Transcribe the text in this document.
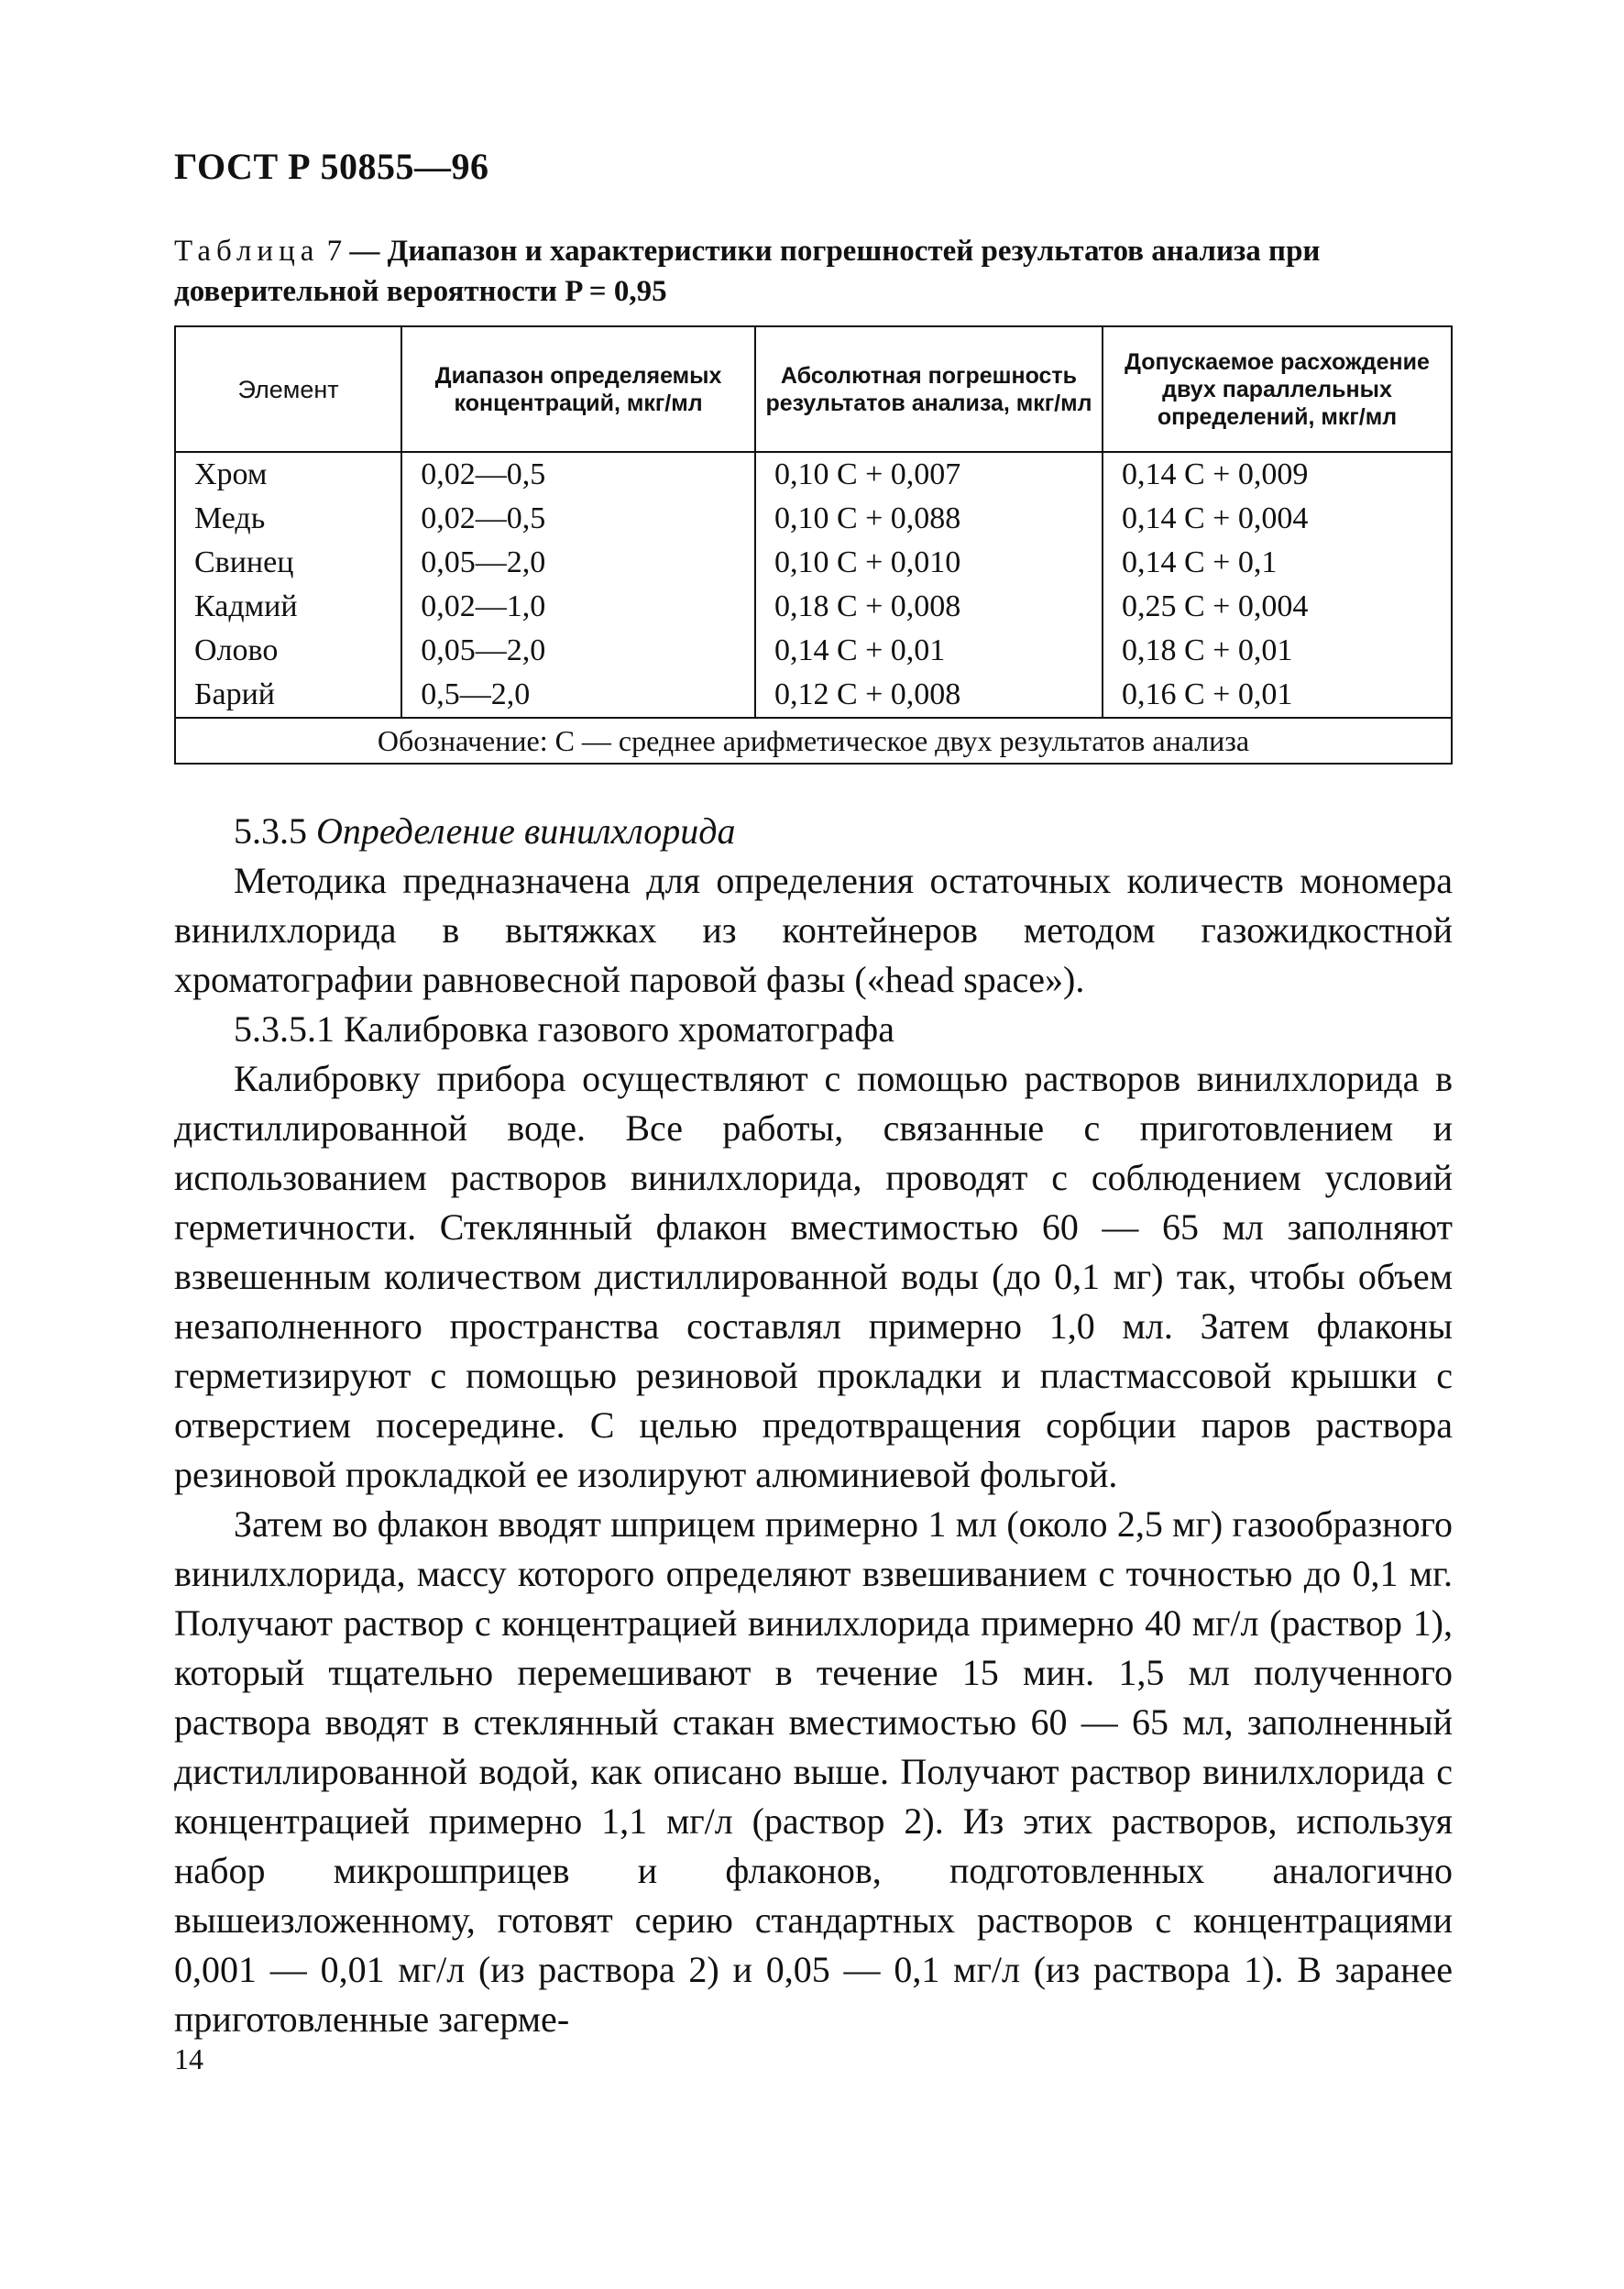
ГОСТ Р 50855—96
Таблица 7 — Диапазон и характеристики погрешностей результатов анализа при доверительной вероятности P = 0,95
Элемент	Диапазон определяемых концентраций, мкг/мл	Абсолютная погрешность результатов анализа, мкг/мл	Допускаемое расхождение двух параллельных определений, мкг/мл
Хром	0,02—0,5	0,10 C + 0,007	0,14 C + 0,009
Медь	0,02—0,5	0,10 C + 0,088	0,14 C + 0,004
Свинец	0,05—2,0	0,10 C + 0,010	0,14 C + 0,1
Кадмий	0,02—1,0	0,18 C + 0,008	0,25 C + 0,004
Олово	0,05—2,0	0,14 C + 0,01	0,18 C + 0,01
Барий	0,5—2,0	0,12 C + 0,008	0,16 C + 0,01
Обозначение: C — среднее арифметическое двух результатов анализа			
5.3.5 Определение винилхлорида

Методика предназначена для определения остаточных количеств мономера винилхлорида в вытяжках из контейнеров методом газожидкостной хроматографии равновесной паровой фазы («head space»).

5.3.5.1 Калибровка газового хроматографа

Калибровку прибора осуществляют с помощью растворов винилхлорида в дистиллированной воде. Все работы, связанные с приготовлением и использованием растворов винилхлорида, проводят с соблюдением условий герметичности. Стеклянный флакон вместимостью 60 — 65 мл заполняют взвешенным количеством дистиллированной воды (до 0,1 мг) так, чтобы объем незаполненного пространства составлял примерно 1,0 мл. Затем флаконы герметизируют с помощью резиновой прокладки и пластмассовой крышки с отверстием посередине. С целью предотвращения сорбции паров раствора резиновой прокладкой ее изолируют алюминиевой фольгой.

Затем во флакон вводят шприцем примерно 1 мл (около 2,5 мг) газообразного винилхлорида, массу которого определяют взвешиванием с точностью до 0,1 мг. Получают раствор с концентрацией винилхлорида примерно 40 мг/л (раствор 1), который тщательно перемешивают в течение 15 мин. 1,5 мл полученного раствора вводят в стеклянный стакан вместимостью 60 — 65 мл, заполненный дистиллированной водой, как описано выше. Получают раствор винилхлорида с концентрацией примерно 1,1 мг/л (раствор 2). Из этих растворов, используя набор микрошприцев и флаконов, подготовленных аналогично вышеизложенному, готовят серию стандартных растворов с концентрациями 0,001 — 0,01 мг/л (из раствора 2) и 0,05 — 0,1 мг/л (из раствора 1). В заранее приготовленные загерме-

14
